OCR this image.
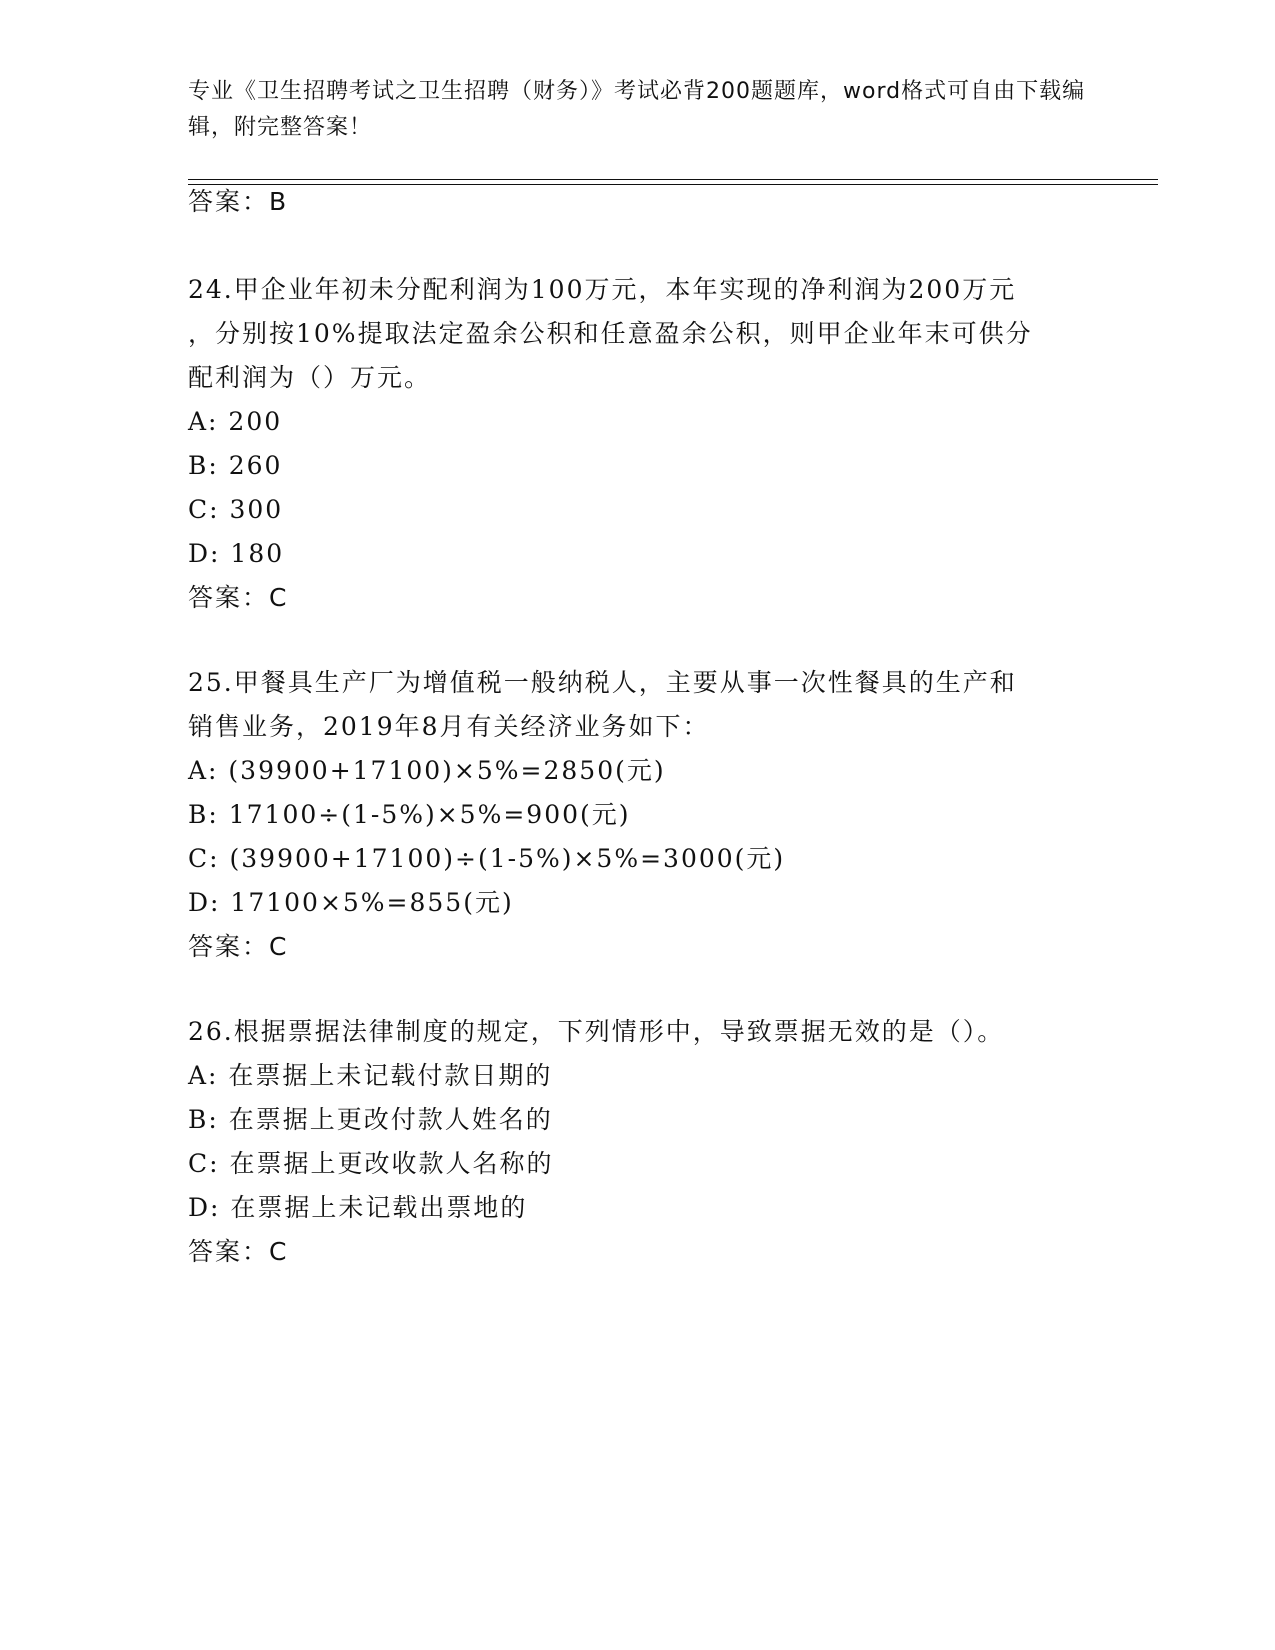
专业《卫生招聘考试之卫生招聘（财务）》考试必背200题题库，word格式可自由下载编辑，附完整答案！
答案：B
24.甲企业年初未分配利润为100万元，本年实现的净利润为200万元
，分别按10%提取法定盈余公积和任意盈余公积，则甲企业年末可供分
配利润为（）万元。
A: 200
B: 260
C: 300
D: 180
答案：C
25.甲餐具生产厂为增值税一般纳税人，主要从事一次性餐具的生产和
销售业务，2019年8月有关经济业务如下：
A: (39900+17100)×5%=2850(元)
B: 17100÷(1-5%)×5%=900(元)
C: (39900+17100)÷(1-5%)×5%=3000(元)
D: 17100×5%=855(元)
答案：C
26.根据票据法律制度的规定，下列情形中，导致票据无效的是（）。
A: 在票据上未记载付款日期的
B: 在票据上更改付款人姓名的
C: 在票据上更改收款人名称的
D: 在票据上未记载出票地的
答案：C
